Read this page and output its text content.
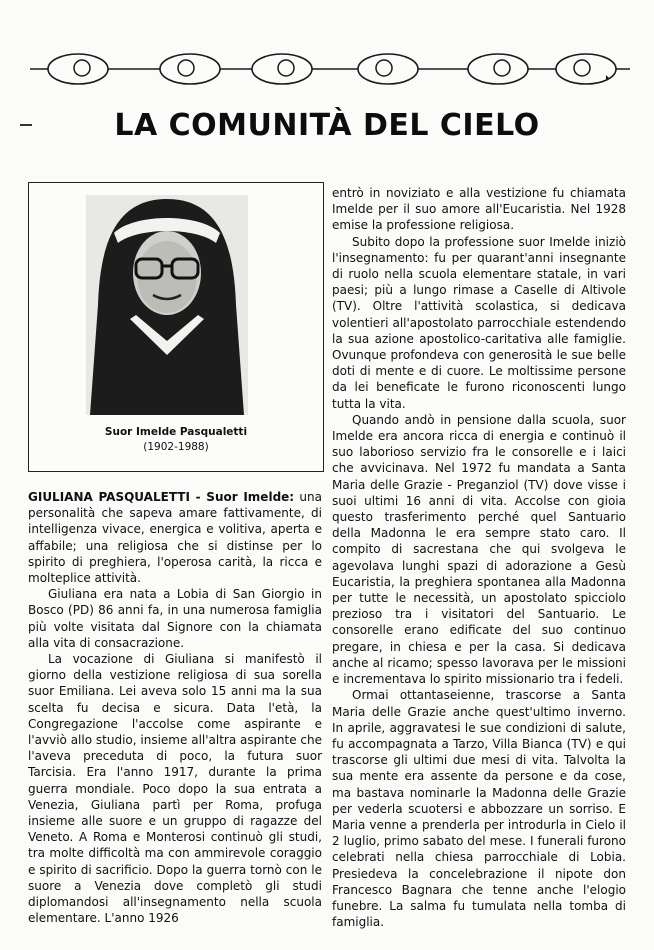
LA COMUNITÀ DEL CIELO
Suor Imelde Pasqualetti
(1902-1988)

GIULIANA PASQUALETTI - Suor Imelde: una personalità che sapeva amare fattivamente, di intelligenza vivace, energica e volitiva, aperta e affabile; una religiosa che si distinse per lo spirito di preghiera, l'operosa carità, la ricca e molteplice attività.

Giuliana era nata a Lobia di San Giorgio in Bosco (PD) 86 anni fa, in una numerosa famiglia più volte visitata dal Signore con la chiamata alla vita di consacrazione.

La vocazione di Giuliana si manifestò il giorno della vestizione religiosa di sua sorella suor Emiliana. Lei aveva solo 15 anni ma la sua scelta fu decisa e sicura. Data l'età, la Congregazione l'accolse come aspirante e l'avviò allo studio, insieme all'altra aspirante che l'aveva preceduta di poco, la futura suor Tarcisia. Era l'anno 1917, durante la prima guerra mondiale. Poco dopo la sua entrata a Venezia, Giuliana partì per Roma, profuga insieme alle suore e un gruppo di ragazze del Veneto. A Roma e Monterosi continuò gli studi, tra molte difficoltà ma con ammirevole coraggio e spirito di sacrificio. Dopo la guerra tornò con le suore a Venezia dove completò gli studi diplomandosi all'insegnamento nella scuola elementare. L'anno 1926

entrò in noviziato e alla vestizione fu chiamata Imelde per il suo amore all'Eucaristia. Nel 1928 emise la professione religiosa.

Subito dopo la professione suor Imelde iniziò l'insegnamento: fu per quarant'anni insegnante di ruolo nella scuola elementare statale, in vari paesi; più a lungo rimase a Caselle di Altivole (TV). Oltre l'attività scolastica, si dedicava volentieri all'apostolato parrocchiale estendendo la sua azione apostolico-caritativa alle famiglie. Ovunque profondeva con generosità le sue belle doti di mente e di cuore. Le moltissime persone da lei beneficate le furono riconoscenti lungo tutta la vita.

Quando andò in pensione dalla scuola, suor Imelde era ancora ricca di energia e continuò il suo laborioso servizio fra le consorelle e i laici che avvicinava. Nel 1972 fu mandata a Santa Maria delle Grazie - Preganziol (TV) dove visse i suoi ultimi 16 anni di vita. Accolse con gioia questo trasferimento perché quel Santuario della Madonna le era sempre stato caro. Il compito di sacrestana che qui svolgeva le agevolava lunghi spazi di adorazione a Gesù Eucaristia, la preghiera spontanea alla Madonna per tutte le necessità, un apostolato spicciolo prezioso tra i visitatori del Santuario. Le consorelle erano edificate del suo continuo pregare, in chiesa e per la casa. Si dedicava anche al ricamo; spesso lavorava per le missioni e incrementava lo spirito missionario tra i fedeli.

Ormai ottantaseienne, trascorse a Santa Maria delle Grazie anche quest'ultimo inverno. In aprile, aggravatesi le sue condizioni di salute, fu accompagnata a Tarzo, Villa Bianca (TV) e qui trascorse gli ultimi due mesi di vita. Talvolta la sua mente era assente da persone e da cose, ma bastava nominarle la Madonna delle Grazie per vederla scuotersi e abbozzare un sorriso. E Maria venne a prenderla per introdurla in Cielo il 2 luglio, primo sabato del mese. I funerali furono celebrati nella chiesa parrocchiale di Lobia. Presiedeva la concelebrazione il nipote don Francesco Bagnara che tenne anche l'elogio funebre. La salma fu tumulata nella tomba di famiglia.
